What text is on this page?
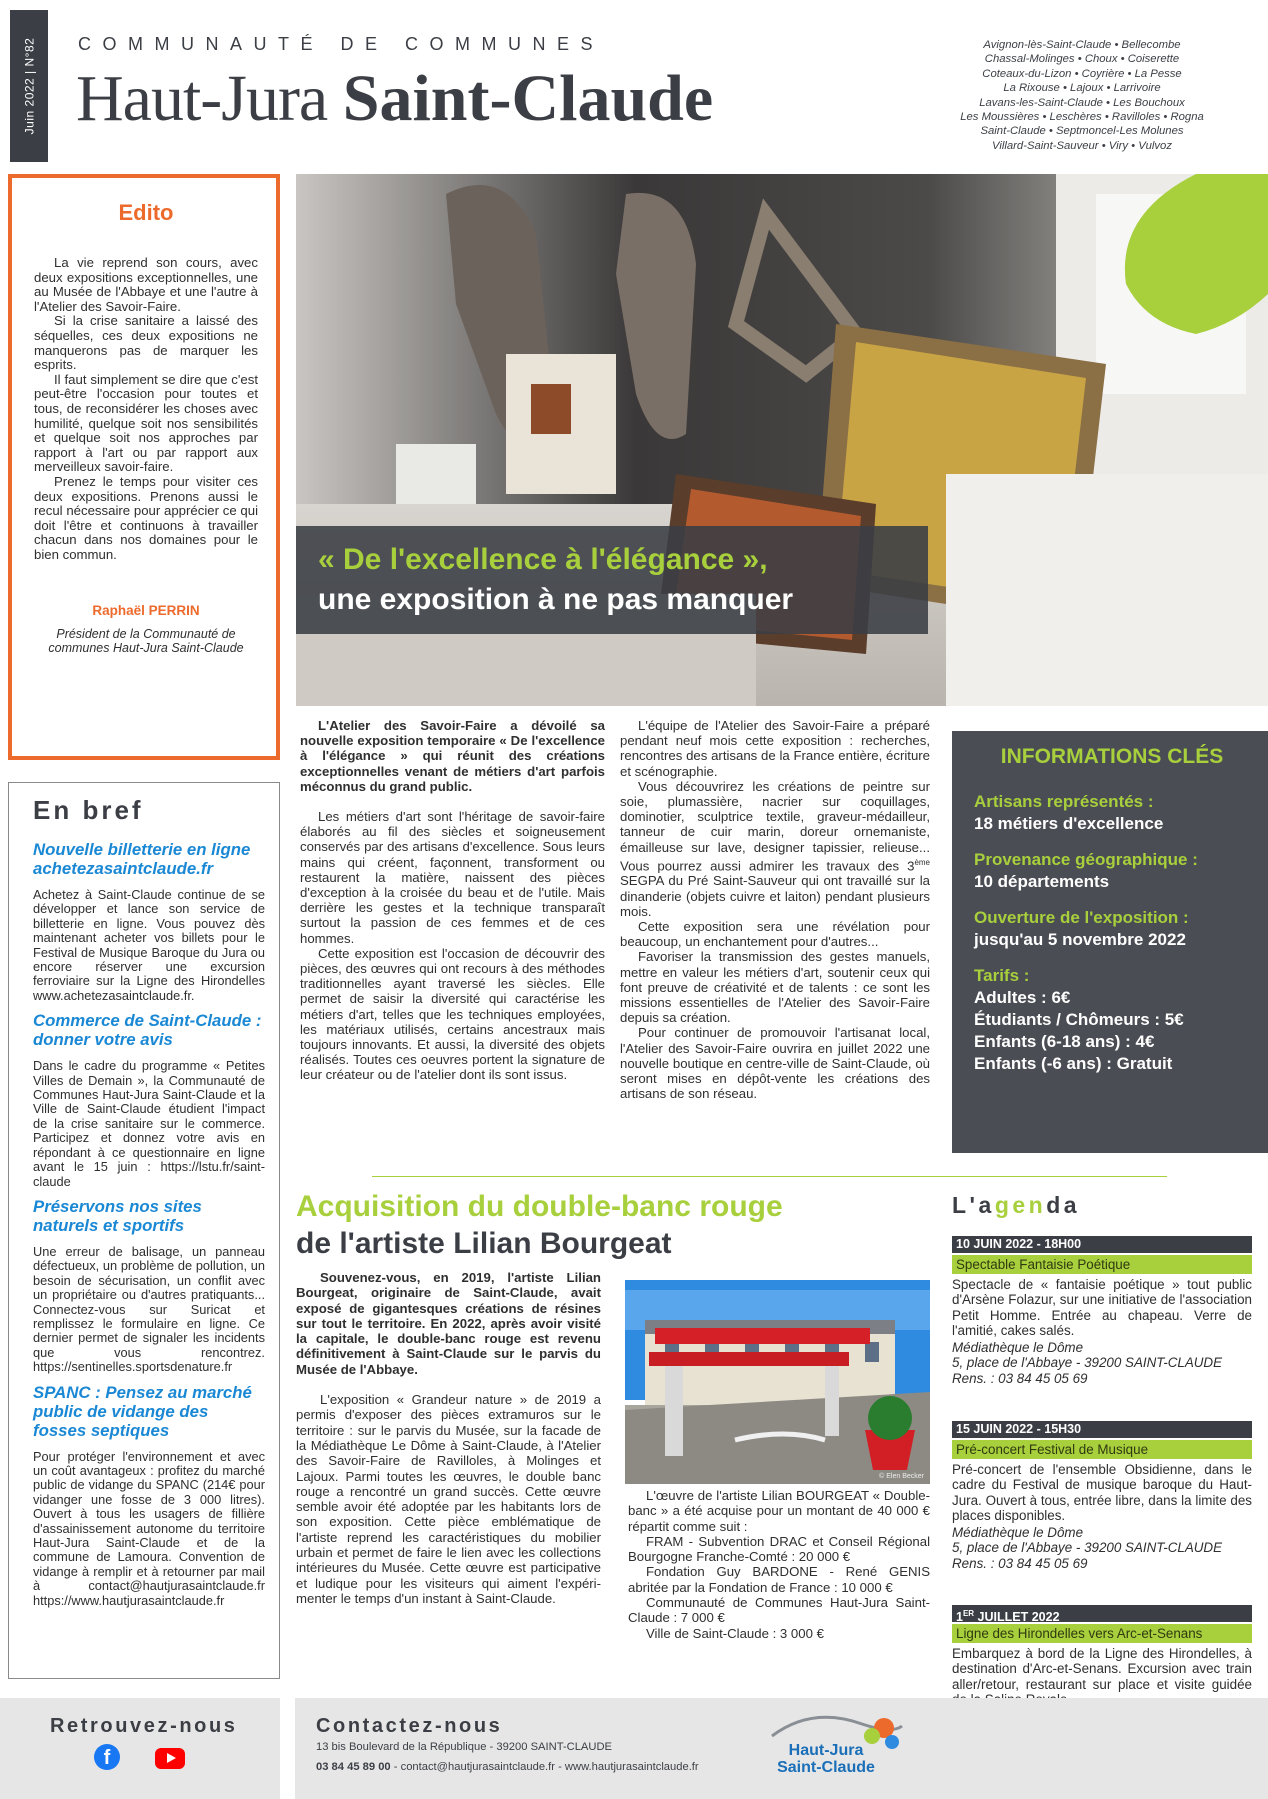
Juin 2022 | N°82 COMMUNAUTÉ DE COMMUNES
Haut-Jura Saint-Claude
Avignon-lès-Saint-Claude • Bellecombe
Chassal-Molinges • Choux • Coiserette
Coteaux-du-Lizon • Coyrière • La Pesse
La Rixouse • Lajoux • Larrivoire
Lavans-les-Saint-Claude • Les Bouchoux
Les Moussières • Leschères • Ravilloles • Rogna
Saint-Claude • Septmoncel-Les Molunes
Villard-Saint-Sauveur • Viry • Vulvoz
Edito

La vie reprend son cours, avec deux expositions exceptionnelles, une au Musée de l'Abbaye et une l'autre à l'Atelier des Savoir-Faire.

Si la crise sanitaire a laissé des séquelles, ces deux expositions ne manquerons pas de marquer les esprits.

Il faut simplement se dire que c'est peut-être l'occasion pour toutes et tous, de reconsidérer les choses avec humilité, quelque soit nos sensibilités et quelque soit nos approches par rapport à l'art ou par rapport aux merveilleux savoir-faire.

Prenez le temps pour visiter ces deux expositions. Prenons aussi le recul nécessaire pour apprécier ce qui doit l'être et continuons à travailler chacun dans nos domaines pour le bien commun.

Raphaël PERRIN

Président de la Communauté de communes Haut-Jura Saint-Claude

En bref
Nouvelle billetterie en ligne achetezasaintclaude.fr

Achetez à Saint-Claude continue de se développer et lance son service de billetterie en ligne. Vous pouvez dès maintenant acheter vos billets pour le Festival de Musique Baroque du Jura ou encore réserver une excursion ferroviaire sur la Ligne des Hirondelles www.achetezasaintclaude.fr.

Commerce de Saint-Claude : donner votre avis

Dans le cadre du programme « Petites Villes de Demain », la Communauté de Communes Haut-Jura Saint-Claude et la Ville de Saint-Claude étudient l'impact de la crise sanitaire sur le commerce. Participez et donnez votre avis en répondant à ce questionnaire en ligne avant le 15 juin : https://lstu.fr/saint-claude

Préservons nos sites naturels et sportifs

Une erreur de balisage, un panneau défectueux, un problème de pollution, un besoin de sécurisation, un conflit avec un propriétaire ou d'autres pratiquants... Connectez-vous sur Suricat et remplissez le formulaire en ligne. Ce dernier permet de signaler les incidents que vous rencontrez. https://sentinelles.sportsdenature.fr

SPANC : Pensez au marché public de vidange des fosses septiques

Pour protéger l'environnement et avec un coût avantageux : profitez du marché public de vidange du SPANC (214€ pour vidanger une fosse de 3 000 litres). Ouvert à tous les usagers de fillière d'assainissement autonome du territoire Haut-Jura Saint-Claude et de la commune de Lamoura. Convention de vidange à remplir et à retourner par mail à contact@hautjurasaintclaude.fr https://www.hautjurasaintclaude.fr

« De l'excellence à l'élégance »,
une exposition à ne pas manquer

L'Atelier des Savoir-Faire a dévoilé sa nouvelle exposition temporaire « De l'excellence à l'élégance » qui réunit des créations exceptionnelles venant de métiers d'art parfois méconnus du grand public.

Les métiers d'art sont l'héritage de savoir-faire élaborés au fil des siècles et soigneusement conservés par des artisans d'excellence. Sous leurs mains qui créent, façonnent, transforment ou restaurent la matière, naissent des pièces d'exception à la croisée du beau et de l'utile. Mais derrière les gestes et la technique transparaît surtout la passion de ces femmes et de ces hommes.

Cette exposition est l'occasion de découvrir des pièces, des œuvres qui ont recours à des méthodes traditionnelles ayant traversé les siècles. Elle permet de saisir la diversité qui caractérise les métiers d'art, telles que les techniques employées, les matériaux utilisés, certains ancestraux mais toujours innovants. Et aussi, la diversité des objets réalisés. Toutes ces oeuvres portent la signature de leur créateur ou de l'atelier dont ils sont issus.

L'équipe de l'Atelier des Savoir-Faire a préparé pendant neuf mois cette exposition : recherches, rencontres des artisans de la France entière, écriture et scénographie.

Vous découvrirez les créations de peintre sur soie, plumassière, nacrier sur coquillages, dominotier, sculptrice textile, graveur-médailleur, tanneur de cuir marin, doreur ornemaniste, émailleuse sur lave, designer tapissier, relieuse... Vous pourrez aussi admirer les travaux des 3ème SEGPA du Pré Saint-Sauveur qui ont travaillé sur la dinanderie (objets cuivre et laiton) pendant plusieurs mois.

Cette exposition sera une révélation pour beaucoup, un enchantement pour d'autres...

Favoriser la transmission des gestes manuels, mettre en valeur les métiers d'art, soutenir ceux qui font preuve de créativité et de talents : ce sont les missions essentielles de l'Atelier des Savoir-Faire depuis sa création.

Pour continuer de promouvoir l'artisanat local, l'Atelier des Savoir-Faire ouvrira en juillet 2022 une nouvelle boutique en centre-ville de Saint-Claude, où seront mises en dépôt-vente les créations des artisans de son réseau.

INFORMATIONS CLÉS
Artisans représentés :
18 métiers d'excellence
Provenance géographique :
10 départements
Ouverture de l'exposition :
jusqu'au 5 novembre 2022
Tarifs :
Adultes : 6€
Étudiants / Chômeurs : 5€
Enfants (6-18 ans) : 4€
Enfants (-6 ans) : Gratuit
Acquisition du double-banc rouge
de l'artiste Lilian Bourgeat

Souvenez-vous, en 2019, l'artiste Lilian Bourgeat, originaire de Saint-Claude, avait exposé de gigantesques créations de résines sur tout le territoire. En 2022, après avoir visité la capitale, le double-banc rouge est revenu définitivement à Saint-Claude sur le parvis du Musée de l'Abbaye.

L'exposition « Grandeur nature » de 2019 a permis d'exposer des pièces extramuros sur le territoire : sur le parvis du Musée, sur la facade de la Médiathèque Le Dôme à Saint-Claude, à l'Atelier des Savoir-Faire de Ravilloles, à Molinges et Lajoux. Parmi toutes les œuvres, le double banc rouge a rencontré un grand succès. Cette œuvre semble avoir été adoptée par les habitants lors de son exposition. Cette pièce emblématique de l'artiste reprend les caractéristiques du mobilier urbain et permet de faire le lien avec les collections intérieures du Musée. Cette œuvre est participative et ludique pour les visiteurs qui aiment l'expéri-menter le temps d'un instant à Saint-Claude.

© Elen Becker

L'œuvre de l'artiste Lilian BOURGEAT « Double-banc » a été acquise pour un montant de 40 000 € répartit comme suit :

FRAM - Subvention DRAC et Conseil Régional Bourgogne Franche-Comté : 20 000 €

Fondation Guy BARDONE - René GENIS abritée par la Fondation de France : 10 000 €

Communauté de Communes Haut-Jura Saint-Claude : 7 000 €

Ville de Saint-Claude : 3 000 €

L'agenda
10 JUIN 2022 - 18H00
Spectable Fantaisie Poétique
Spectacle de « fantaisie poétique » tout public d'Arsène Folazur, sur une initiative de l'association Petit Homme. Entrée au chapeau. Verre de l'amitié, cakes salés.
Médiathèque le Dôme
5, place de l'Abbaye - 39200 SAINT-CLAUDE
Rens. : 03 84 45 05 69
15 JUIN 2022 - 15H30
Pré-concert Festival de Musique
Pré-concert de l'ensemble Obsidienne, dans le cadre du Festival de musique baroque du Haut-Jura. Ouvert à tous, entrée libre, dans la limite des places disponibles.
Médiathèque le Dôme
5, place de l'Abbaye - 39200 SAINT-CLAUDE
Rens. : 03 84 45 05 69
1ER JUILLET 2022
Ligne des Hirondelles vers Arc-et-Senans
Embarquez à bord de la Ligne des Hirondelles, à destination d'Arc-et-Senans. Excursion avec train aller/retour, restaurant sur place et visite guidée
Retrouvez-nous
f
Contactez-nous
13 bis Boulevard de la République - 39200 SAINT-CLAUDE
03 84 45 89 00 - contact@hautjurasaintclaude.fr - www.hautjurasaintclaude.fr
Haut-Jura
Saint-Claude
